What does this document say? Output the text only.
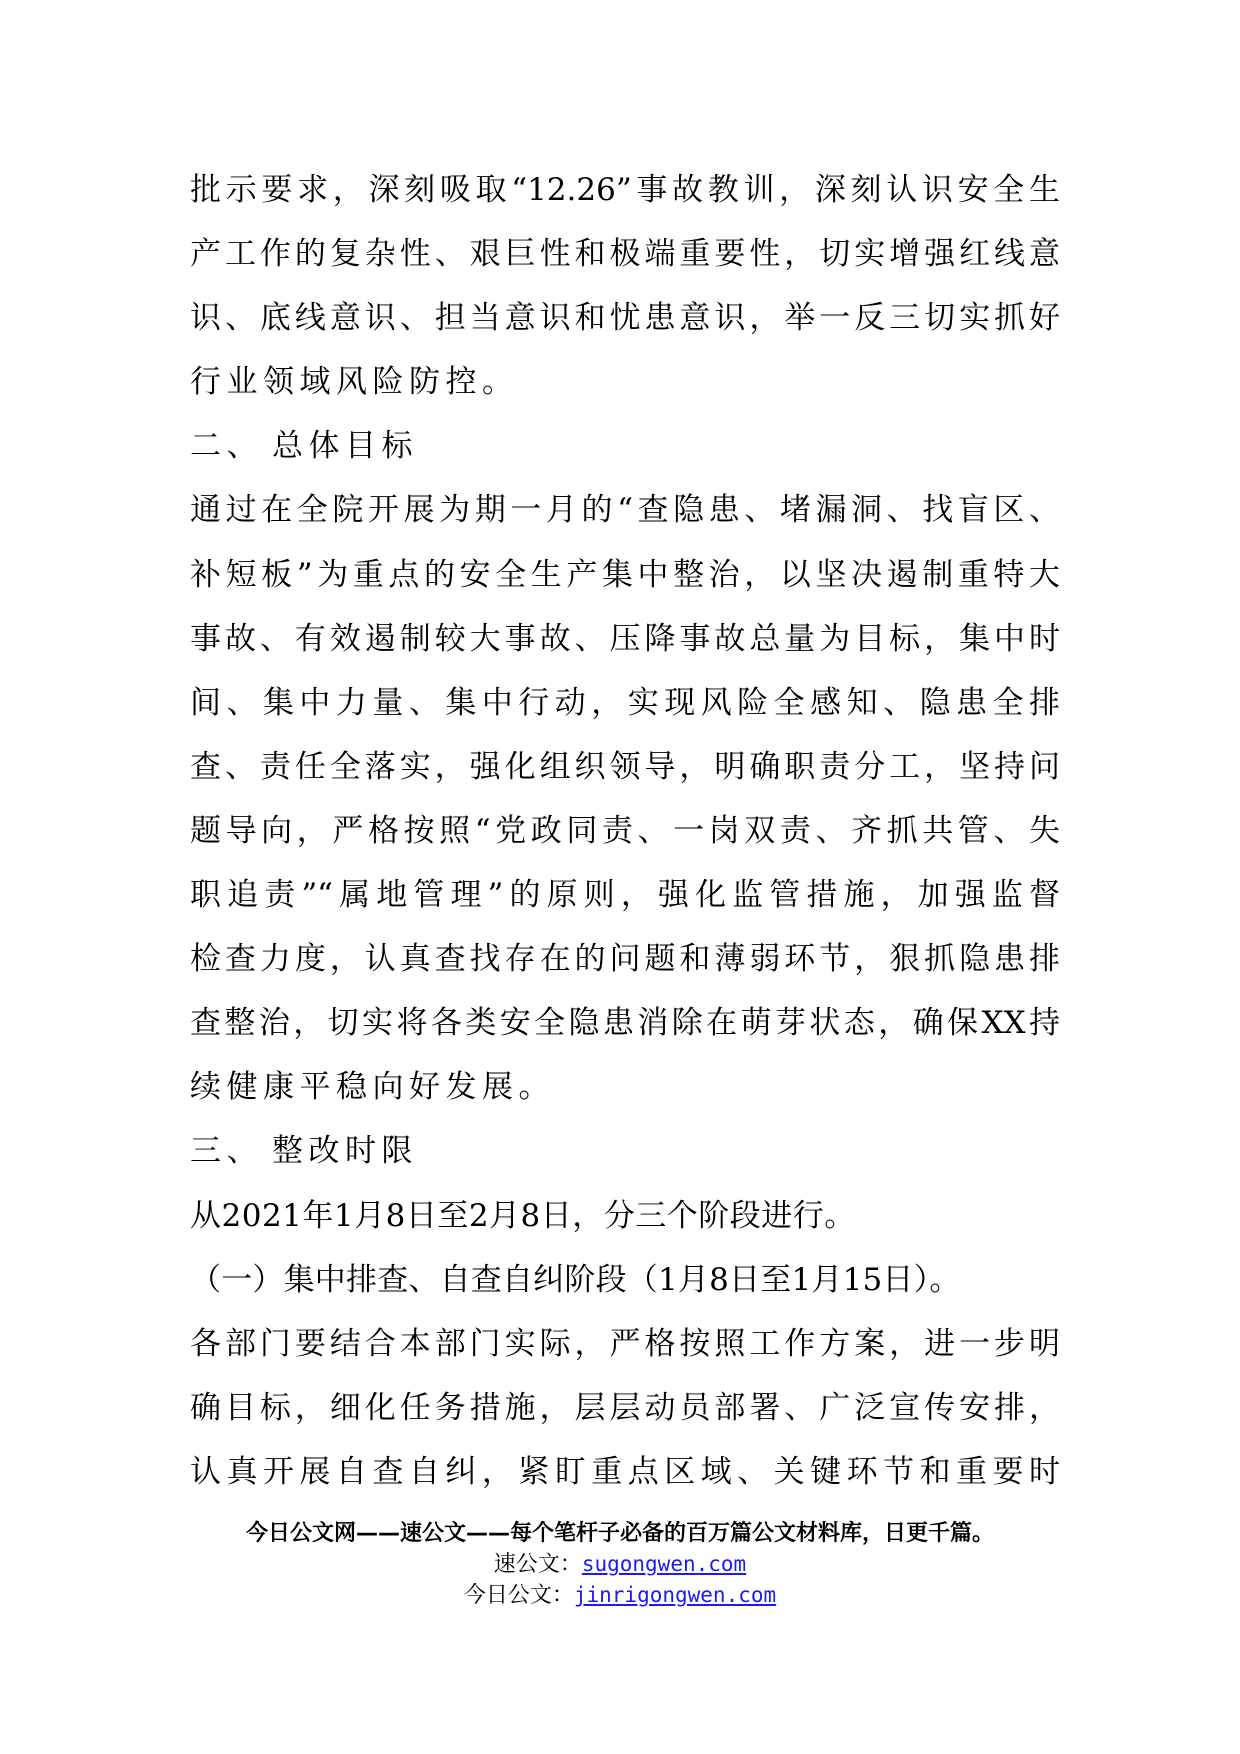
批示要求，深刻吸取“12.26”事故教训，深刻认识安全生
产工作的复杂性、艰巨性和极端重要性，切实增强红线意
识、底线意识、担当意识和忧患意识，举一反三切实抓好
行业领域风险防控。
二、 总体目标
通过在全院开展为期一月的“查隐患、堵漏洞、找盲区、
补短板”为重点的安全生产集中整治，以坚决遏制重特大
事故、有效遏制较大事故、压降事故总量为目标，集中时
间、集中力量、集中行动，实现风险全感知、隐患全排
查、责任全落实，强化组织领导，明确职责分工，坚持问
题导向，严格按照“党政同责、一岗双责、齐抓共管、失
职追责”“属地管理”的原则，强化监管措施，加强监督
检查力度，认真查找存在的问题和薄弱环节，狠抓隐患排
查整治，切实将各类安全隐患消除在萌芽状态，确保XX持
续健康平稳向好发展。
三、 整改时限
从2021年1月8日至2月8日，分三个阶段进行。
（一）集中排查、自查自纠阶段（1月8日至1月15日）。
各部门要结合本部门实际，严格按照工作方案，进一步明
确目标，细化任务措施，层层动员部署、广泛宣传安排，
认真开展自查自纠，紧盯重点区域、关键环节和重要时
今日公文网——速公文——每个笔杆子必备的百万篇公文材料库，日更千篇。
速公文：sugongwen.com
今日公文：jinrigongwen.com
